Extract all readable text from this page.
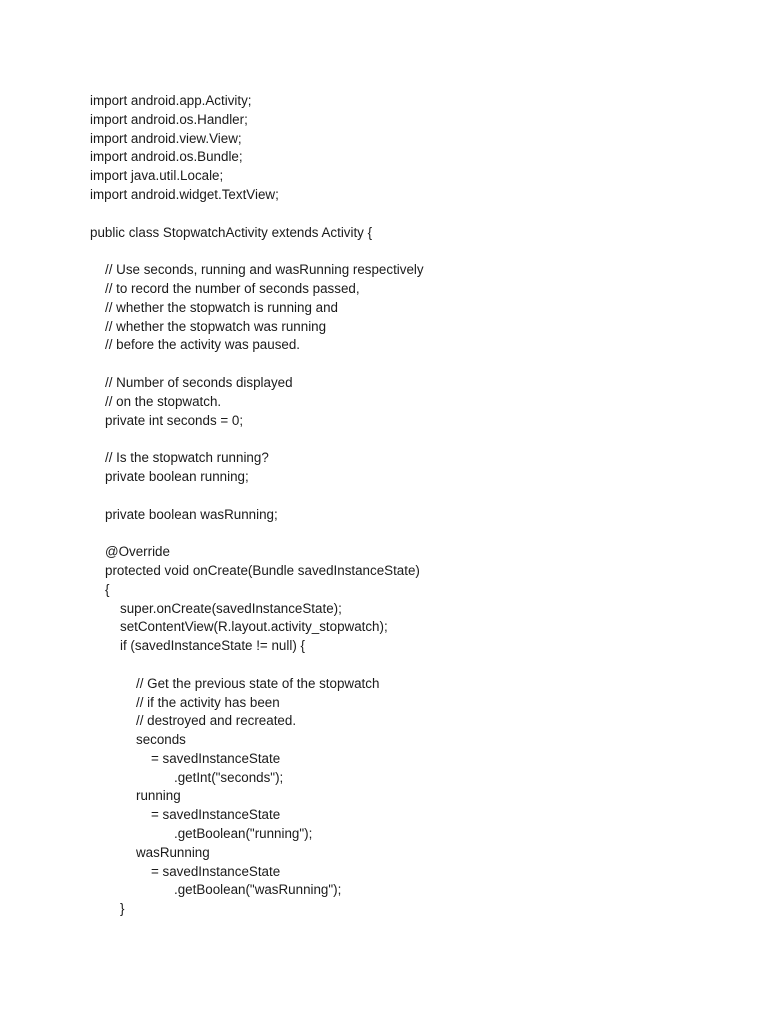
import android.app.Activity;
import android.os.Handler;
import android.view.View;
import android.os.Bundle;
import java.util.Locale;
import android.widget.TextView;
public class StopwatchActivity extends Activity {
// Use seconds, running and wasRunning respectively
// to record the number of seconds passed,
// whether the stopwatch is running and
// whether the stopwatch was running
// before the activity was paused.
// Number of seconds displayed
// on the stopwatch.
private int seconds = 0;
// Is the stopwatch running?
private boolean running;
private boolean wasRunning;
@Override
protected void onCreate(Bundle savedInstanceState)
{
super.onCreate(savedInstanceState);
setContentView(R.layout.activity_stopwatch);
if (savedInstanceState != null) {
// Get the previous state of the stopwatch
// if the activity has been
// destroyed and recreated.
seconds
= savedInstanceState
.getInt("seconds");
running
= savedInstanceState
.getBoolean("running");
wasRunning
= savedInstanceState
.getBoolean("wasRunning");
}
